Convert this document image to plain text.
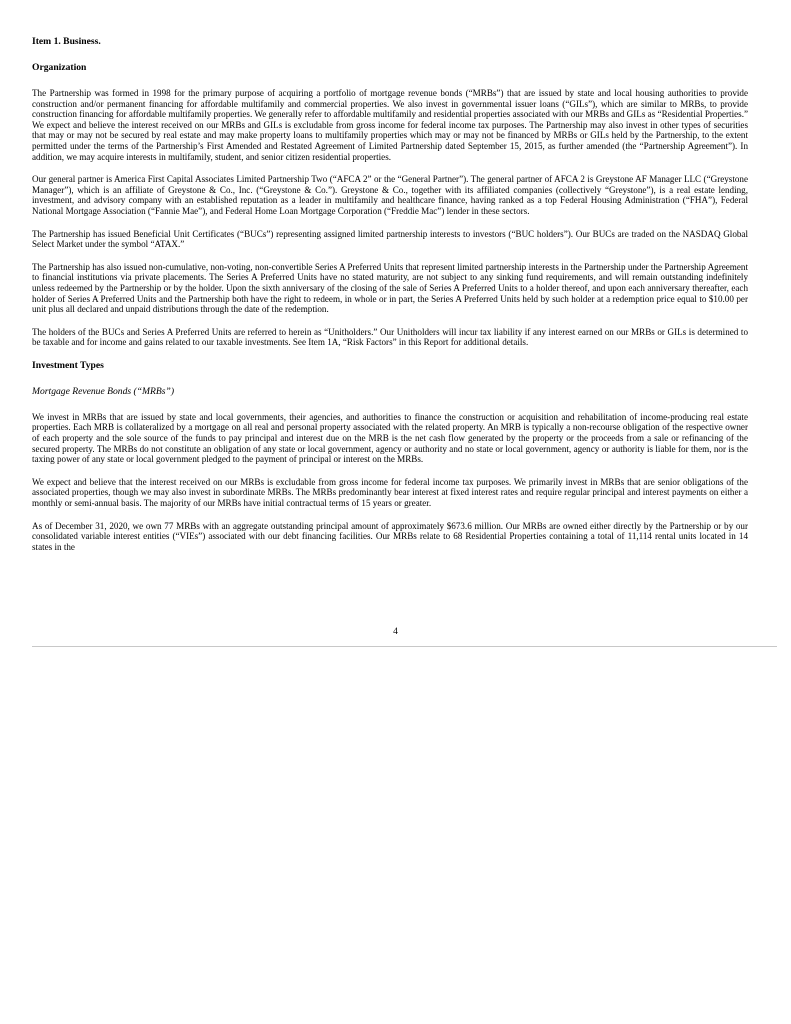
Item 1. Business.
Organization

The Partnership was formed in 1998 for the primary purpose of acquiring a portfolio of mortgage revenue bonds (“MRBs”) that are issued by state and local housing authorities to provide construction and/or permanent financing for affordable multifamily and commercial properties. We also invest in governmental issuer loans (“GILs”), which are similar to MRBs, to provide construction financing for affordable multifamily properties. We generally refer to affordable multifamily and residential properties associated with our MRBs and GILs as “Residential Properties.” We expect and believe the interest received on our MRBs and GILs is excludable from gross income for federal income tax purposes. The Partnership may also invest in other types of securities that may or may not be secured by real estate and may make property loans to multifamily properties which may or may not be financed by MRBs or GILs held by the Partnership, to the extent permitted under the terms of the Partnership’s First Amended and Restated Agreement of Limited Partnership dated September 15, 2015, as further amended (the “Partnership Agreement”). In addition, we may acquire interests in multifamily, student, and senior citizen residential properties.

Our general partner is America First Capital Associates Limited Partnership Two (“AFCA 2” or the “General Partner”). The general partner of AFCA 2 is Greystone AF Manager LLC (“Greystone Manager”), which is an affiliate of Greystone & Co., Inc. (“Greystone & Co.”). Greystone & Co., together with its affiliated companies (collectively “Greystone”), is a real estate lending, investment, and advisory company with an established reputation as a leader in multifamily and healthcare finance, having ranked as a top Federal Housing Administration (“FHA”), Federal National Mortgage Association (“Fannie Mae”), and Federal Home Loan Mortgage Corporation (“Freddie Mac”) lender in these sectors.

The Partnership has issued Beneficial Unit Certificates (“BUCs”) representing assigned limited partnership interests to investors (“BUC holders”). Our BUCs are traded on the NASDAQ Global Select Market under the symbol “ATAX.”

The Partnership has also issued non-cumulative, non-voting, non-convertible Series A Preferred Units that represent limited partnership interests in the Partnership under the Partnership Agreement to financial institutions via private placements. The Series A Preferred Units have no stated maturity, are not subject to any sinking fund requirements, and will remain outstanding indefinitely unless redeemed by the Partnership or by the holder. Upon the sixth anniversary of the closing of the sale of Series A Preferred Units to a holder thereof, and upon each anniversary thereafter, each holder of Series A Preferred Units and the Partnership both have the right to redeem, in whole or in part, the Series A Preferred Units held by such holder at a redemption price equal to $10.00 per unit plus all declared and unpaid distributions through the date of the redemption.

The holders of the BUCs and Series A Preferred Units are referred to herein as “Unitholders.” Our Unitholders will incur tax liability if any interest earned on our MRBs or GILs is determined to be taxable and for income and gains related to our taxable investments. See Item 1A, “Risk Factors” in this Report for additional details.

Investment Types
Mortgage Revenue Bonds (“MRBs”)

We invest in MRBs that are issued by state and local governments, their agencies, and authorities to finance the construction or acquisition and rehabilitation of income-producing real estate properties. Each MRB is collateralized by a mortgage on all real and personal property associated with the related property. An MRB is typically a non-recourse obligation of the respective owner of each property and the sole source of the funds to pay principal and interest due on the MRB is the net cash flow generated by the property or the proceeds from a sale or refinancing of the secured property. The MRBs do not constitute an obligation of any state or local government, agency or authority and no state or local government, agency or authority is liable for them, nor is the taxing power of any state or local government pledged to the payment of principal or interest on the MRBs.

We expect and believe that the interest received on our MRBs is excludable from gross income for federal income tax purposes. We primarily invest in MRBs that are senior obligations of the associated properties, though we may also invest in subordinate MRBs. The MRBs predominantly bear interest at fixed interest rates and require regular principal and interest payments on either a monthly or semi-annual basis. The majority of our MRBs have initial contractual terms of 15 years or greater.

As of December 31, 2020, we own 77 MRBs with an aggregate outstanding principal amount of approximately $673.6 million. Our MRBs are owned either directly by the Partnership or by our consolidated variable interest entities (“VIEs”) associated with our debt financing facilities. Our MRBs relate to 68 Residential Properties containing a total of 11,114 rental units located in 14 states in the

4
